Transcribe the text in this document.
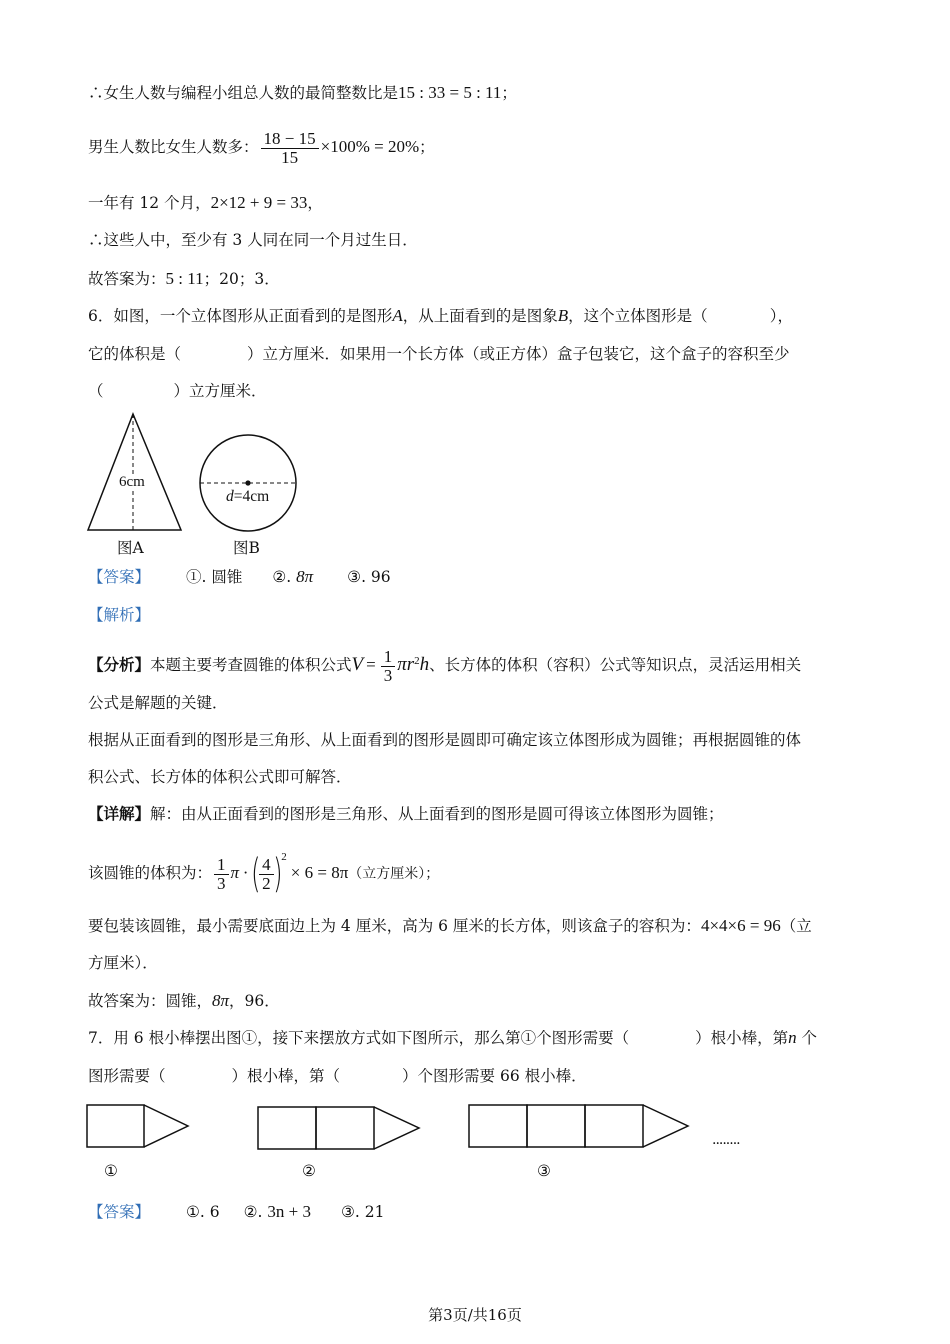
∴女生人数与编程小组总人数的最简整数比是15 : 33 = 5 : 11；
男生人数比女生人数多： $\frac{18 - 15}{15} \times 100\% = 20\%$；
一年有 12 个月，2×12 + 9 = 33，
∴这些人中，至少有 3 人同在同一个月过生日．
故答案为：5 : 11；20；3．
6．如图，一个立体图形从正面看到的是图形A，从上面看到的是图象B，这个立体图形是（	），
它的体积是（	）立方厘米．如果用一个长方体（或正方体）盒子包装它，这个盒子的容积至少
（	）立方厘米．
6cm
图A
d=4cm
图B
【答案】 ①. 圆锥 ②. 8π ③. 96
【解析】
【分析】本题主要考查圆锥的体积公式$V = \frac{1}{3} \pi r^2h$、长方体的体积（容积）公式等知识点，灵活运用相关
公式是解题的关键．
根据从正面看到的图形是三角形、从上面看到的图形是圆即可确定该立体图形成为圆锥；再根据圆锥的体
积公式、长方体的体积公式即可解答．
【详解】解：由从正面看到的图形是三角形、从上面看到的图形是圆可得该立体图形为圆锥；
该圆锥的体积为： $\frac{1}{3}$ π ·( $\frac{4}{2} )^2\times 6 = 8\pi$（立方厘米）；
要包装该圆锥，最小需要底面边上为 4 厘米，高为 6 厘米的长方体，则该盒子的容积为：4×4×6 = 96（立
方厘米）．
故答案为：圆锥，8π，96．
7．用 6 根小棒摆出图①，接下来摆放方式如下图所示，那么第①个图形需要（	）根小棒，第n 个
图形需要（	）根小棒，第（	）个图形需要 66 根小棒．
........
①	②	③
【答案】 ①. 6 ②. 3n + 3 ③. 21
第3页/共16页
